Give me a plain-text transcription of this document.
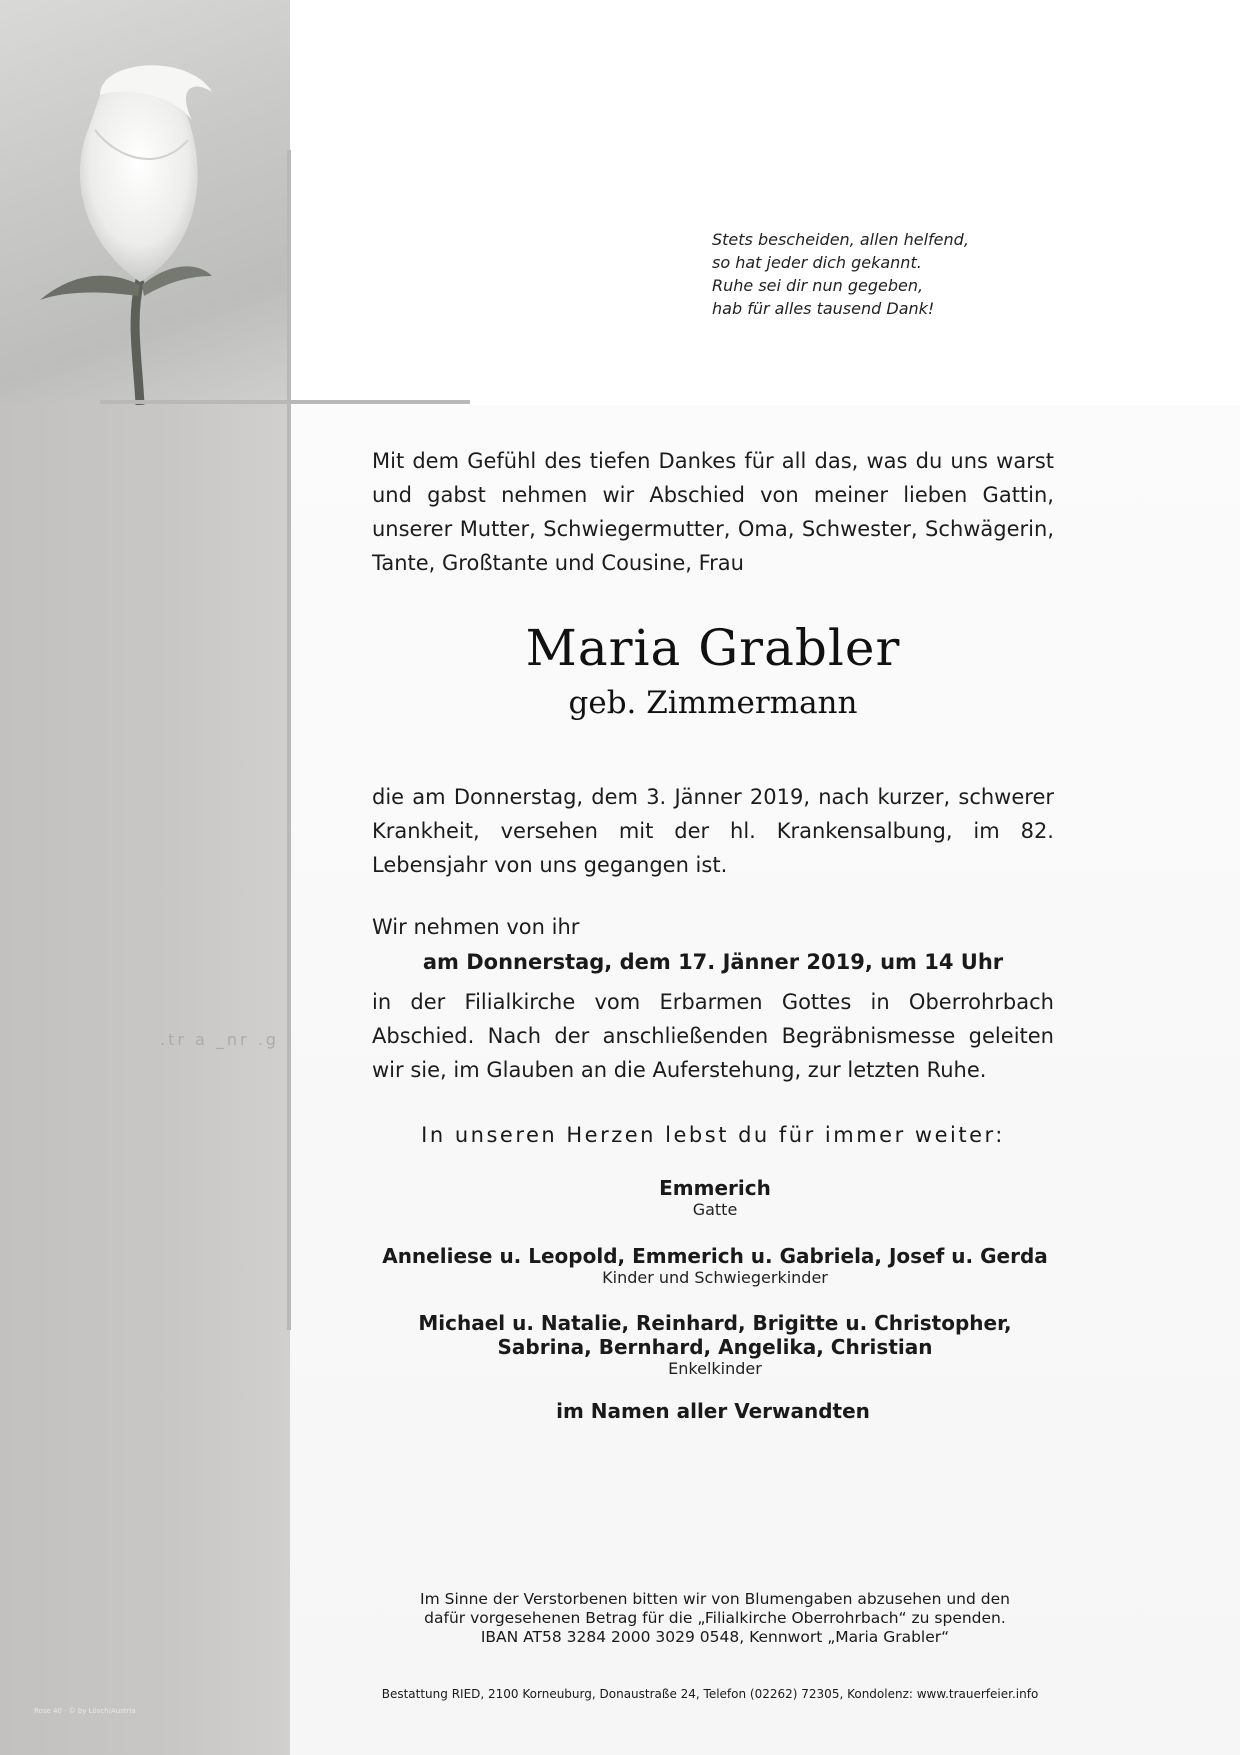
Stets bescheiden, allen helfend,
so hat jeder dich gekannt.
Ruhe sei dir nun gegeben,
hab für alles tausend Dank!
Mit dem Gefühl des tiefen Dankes für all das, was du uns warst und gabst nehmen wir Abschied von meiner lieben Gattin, unserer Mutter, Schwiegermutter, Oma, Schwester, Schwägerin, Tante, Großtante und Cousine, Frau
Maria Grabler
geb. Zimmermann
die am Donnerstag, dem 3. Jänner 2019, nach kurzer, schwerer Krankheit, versehen mit der hl. Krankensalbung, im 82. Lebensjahr von uns gegangen ist.
Wir nehmen von ihr
am Donnerstag, dem 17. Jänner 2019, um 14 Uhr
in der Filialkirche vom Erbarmen Gottes in Oberrohrbach Abschied. Nach der anschließenden Begräbnismesse geleiten wir sie, im Glauben an die Auferstehung, zur letzten Ruhe.
In unseren Herzen lebst du für immer weiter:
Emmerich
Gatte
Anneliese u. Leopold, Emmerich u. Gabriela, Josef u. Gerda
Kinder und Schwiegerkinder
Michael u. Natalie, Reinhard, Brigitte u. Christopher,
Sabrina, Bernhard, Angelika, Christian
Enkelkinder
im Namen aller Verwandten
Im Sinne der Verstorbenen bitten wir von Blumengaben abzusehen und den
dafür vorgesehenen Betrag für die „Filialkirche Oberrohrbach“ zu spenden.
IBAN AT58 3284 2000 3029 0548, Kennwort „Maria Grabler“
Bestattung RIED, 2100 Korneuburg, Donaustraße 24, Telefon (02262) 72305, Kondolenz: www.trauerfeier.info
Rose 40 · © by Lösch/Austria
.tr a _nr .g
